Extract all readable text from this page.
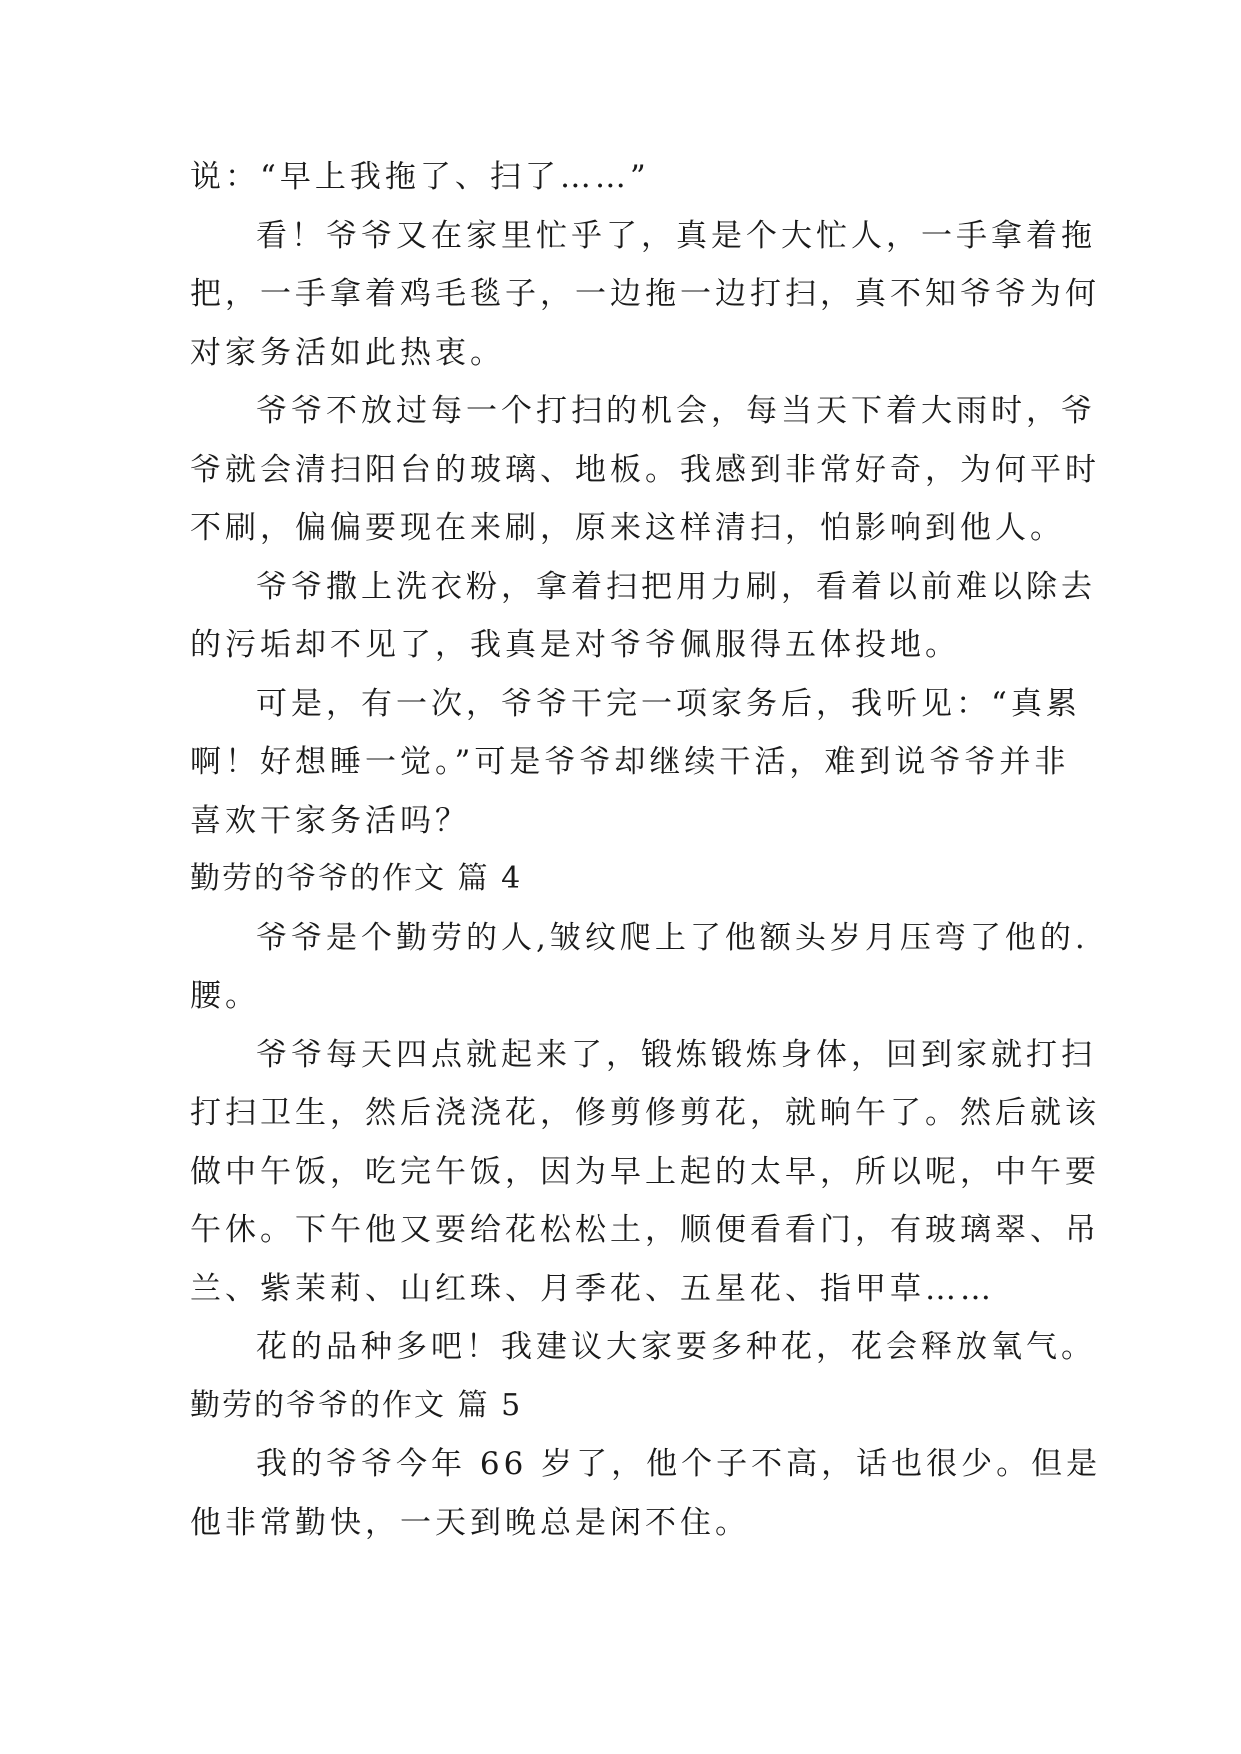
说：“早上我拖了、扫了……”

看！爷爷又在家里忙乎了，真是个大忙人，一手拿着拖

把，一手拿着鸡毛毯子，一边拖一边打扫，真不知爷爷为何

对家务活如此热衷。

爷爷不放过每一个打扫的机会，每当天下着大雨时，爷

爷就会清扫阳台的玻璃、地板。我感到非常好奇，为何平时

不刷，偏偏要现在来刷，原来这样清扫，怕影响到他人。

爷爷撒上洗衣粉，拿着扫把用力刷，看着以前难以除去

的污垢却不见了，我真是对爷爷佩服得五体投地。

可是，有一次，爷爷干完一项家务后，我听见：“真累

啊！好想睡一觉。”可是爷爷却继续干活，难到说爷爷并非

喜欢干家务活吗？

勤劳的爷爷的作文 篇 4

爷爷是个勤劳的人,皱纹爬上了他额头岁月压弯了他的.

腰。

爷爷每天四点就起来了，锻炼锻炼身体，回到家就打扫

打扫卫生，然后浇浇花，修剪修剪花，就晌午了。然后就该

做中午饭，吃完午饭，因为早上起的太早，所以呢，中午要

午休。下午他又要给花松松土，顺便看看门，有玻璃翠、吊

兰、紫茉莉、山红珠、月季花、五星花、指甲草……

花的品种多吧！我建议大家要多种花，花会释放氧气。

勤劳的爷爷的作文 篇 5

我的爷爷今年 66 岁了，他个子不高，话也很少。但是

他非常勤快，一天到晚总是闲不住。
